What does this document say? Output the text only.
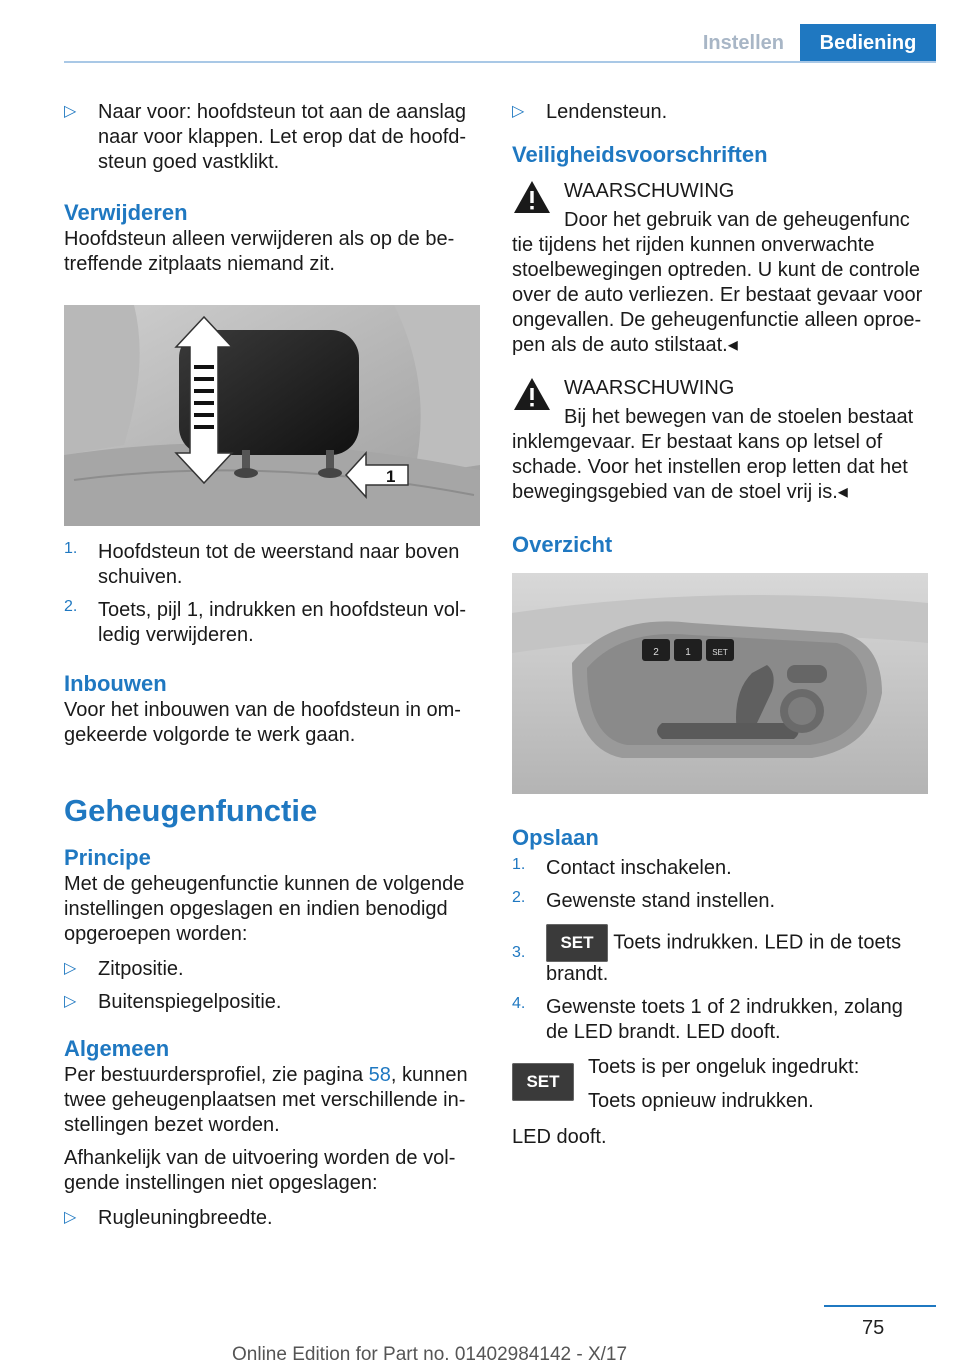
Instellen	Bediening
▷ Naar voor: hoofdsteun tot aan de aanslag naar voor klappen. Let erop dat de hoofdsteun goed vastklikt.

Verwijderen

Hoofdsteun alleen verwijderen als op de betreffende zitplaats niemand zit.

1
1. Hoofdsteun tot de weerstand naar boven schuiven.

2. Toets, pijl 1, indrukken en hoofdsteun volledig verwijderen.

Inbouwen

Voor het inbouwen van de hoofdsteun in omgekeerde volgorde te werk gaan.

Geheugenfunctie
Principe

Met de geheugenfunctie kunnen de volgende instellingen opgeslagen en indien benodigd opgeroepen worden:

▷ Zitpositie.

▷ Buitenspiegelpositie.

Algemeen

Per bestuurdersprofiel, zie pagina 58, kunnen twee geheugenplaatsen met verschillende instellingen bezet worden.

Afhankelijk van de uitvoering worden de volgende instellingen niet opgeslagen:

▷ Rugleuningbreedte.

▷ Lendensteun.

Veiligheidsvoorschriften

WAARSCHUWING

Door het gebruik van de geheugenfunc

tie tijdens het rijden kunnen onverwachte stoelbewegingen optreden. U kunt de controle over de auto verliezen. Er bestaat gevaar voor ongevallen. De geheugenfunctie alleen oproepen als de auto stilstaat.◂

WAARSCHUWING

Bij het bewegen van de stoelen bestaat

inklemgevaar. Er bestaat kans op letsel of schade. Voor het instellen erop letten dat het bewegingsgebied van de stoel vrij is.◂

Overzicht
2	1	SET
Opslaan
1. Contact inschakelen.

2. Gewenste stand instellen.

3.

SET Toets indrukken. LED in de toets brandt.

4. Gewenste toets 1 of 2 indrukken, zolang de LED brandt. LED dooft.

SET

Toets is per ongeluk ingedrukt:

Toets opnieuw indrukken.

LED dooft.

75
Online Edition for Part no. 01402984142 - X/17
